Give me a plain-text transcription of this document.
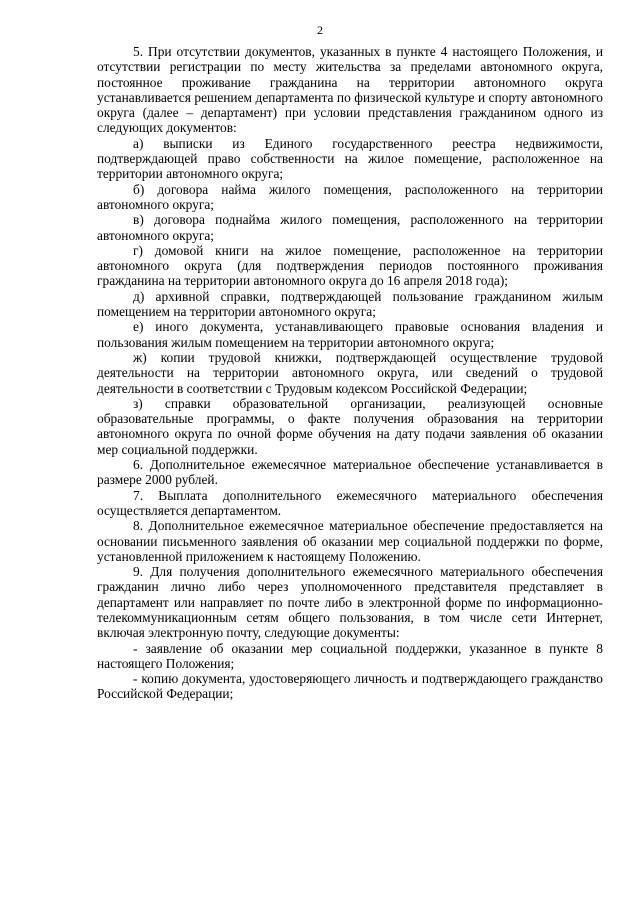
2

5. При отсутствии документов, указанных в пункте 4 настоящего Положения, и отсутствии регистрации по месту жительства за пределами автономного округа, постоянное проживание гражданина на территории автономного округа устанавливается решением департамента по физической культуре и спорту автономного округа (далее – департамент) при условии представления гражданином одного из следующих документов:

а) выписки из Единого государственного реестра недвижимости, подтверждающей право собственности на жилое помещение, расположенное на территории автономного округа;

б) договора найма жилого помещения, расположенного на территории автономного округа;

в) договора поднайма жилого помещения, расположенного на территории автономного округа;

г) домовой книги на жилое помещение, расположенное на территории автономного округа (для подтверждения периодов постоянного проживания гражданина на территории автономного округа до 16 апреля 2018 года);

д) архивной справки, подтверждающей пользование гражданином жилым помещением на территории автономного округа;

е) иного документа, устанавливающего правовые основания владения и пользования жилым помещением на территории автономного округа;

ж) копии трудовой книжки, подтверждающей осуществление трудовой деятельности на территории автономного округа, или сведений о трудовой деятельности в соответствии с Трудовым кодексом Российской Федерации;

з) справки образовательной организации, реализующей основные образовательные программы, о факте получения образования на территории автономного округа по очной форме обучения на дату подачи заявления об оказании мер социальной поддержки.

6. Дополнительное ежемесячное материальное обеспечение устанавливается в размере 2000 рублей.

7. Выплата дополнительного ежемесячного материального обеспечения осуществляется департаментом.

8. Дополнительное ежемесячное материальное обеспечение предоставляется на основании письменного заявления об оказании мер социальной поддержки по форме, установленной приложением к настоящему Положению.

9. Для получения дополнительного ежемесячного материального обеспечения гражданин лично либо через уполномоченного представителя представляет в департамент или направляет по почте либо в электронной форме по информационно-телекоммуникационным сетям общего пользования, в том числе сети Интернет, включая электронную почту, следующие документы:

- заявление об оказании мер социальной поддержки, указанное в пункте 8 настоящего Положения;

- копию документа, удостоверяющего личность и подтверждающего гражданство Российской Федерации;
